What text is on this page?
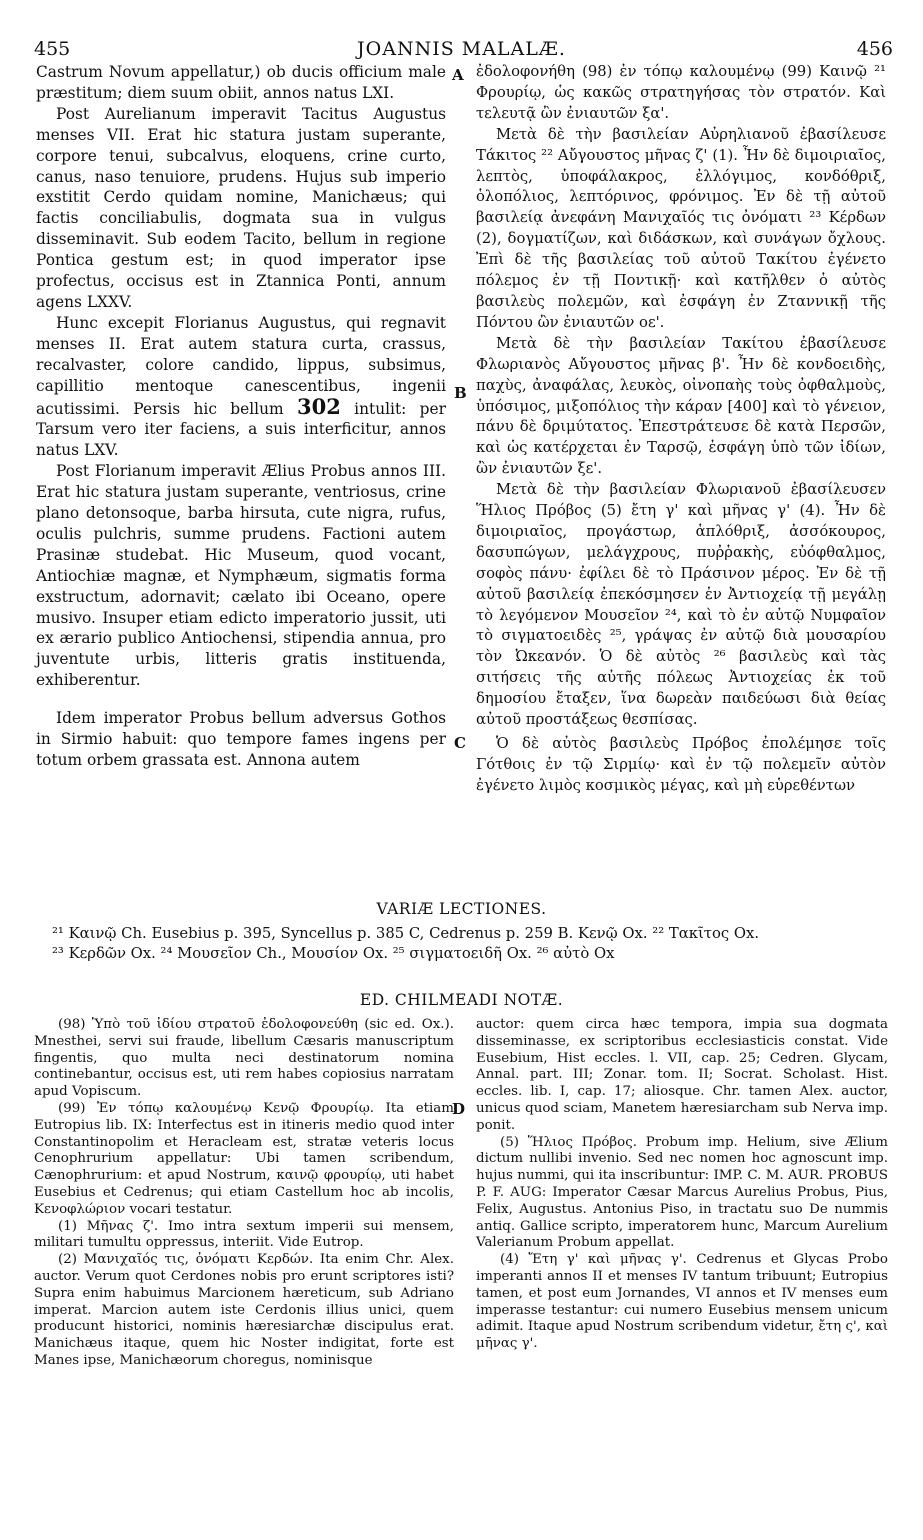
455	JOANNIS MALALÆ.	456

Castrum Novum appellatur,) ob ducis officium male præstitum; diem suum obiit, annos natus LXI.

Post Aurelianum imperavit Tacitus Augustus menses VII. Erat hic statura justam superante, corpore tenui, subcalvus, eloquens, crine curto, canus, naso tenuiore, prudens. Hujus sub imperio exstitit Cerdo quidam nomine, Manichæus; qui factis conciliabulis, dogmata sua in vulgus disseminavit. Sub eodem Tacito, bellum in regione Pontica gestum est; in quod imperator ipse profectus, occisus est in Ztannica Ponti, annum agens LXXV.

Hunc excepit Florianus Augustus, qui regnavit menses II. Erat autem statura curta, crassus, recalvaster, colore candido, lippus, subsimus, capillitio mentoque canescentibus, ingenii acutissimi. Persis hic bellum 302 intulit: per Tarsum vero iter faciens, a suis interficitur, annos natus LXV.

Post Florianum imperavit Ælius Probus annos III. Erat hic statura justam superante, ventriosus, crine plano detonsoque, barba hirsuta, cute nigra, rufus, oculis pulchris, summe prudens. Factioni autem Prasinæ studebat. Hic Museum, quod vocant, Antiochiæ magnæ, et Nymphæum, sigmatis forma exstructum, adornavit; cælato ibi Oceano, opere musivo. Insuper etiam edicto imperatorio jussit, uti ex ærario publico Antiochensi, stipendia annua, pro juventute urbis, litteris gratis instituenda, exhiberentur.

Idem imperator Probus bellum adversus Gothos in Sirmio habuit: quo tempore fames ingens per totum orbem grassata est. Annona autem

A
B
C
D

ἐδολοφονήθη (98) ἐν τόπῳ καλουμένῳ (99) Καινῷ ²¹ Φρουρίῳ, ὡς κακῶς στρατηγήσας τὸν στρατόν. Καὶ τελευτᾷ ὢν ἐνιαυτῶν ξα'.

Μετὰ δὲ τὴν βασιλείαν Αὐρηλιανοῦ ἐβασίλευσε Τάκιτος ²² Αὔγουστος μῆνας ζ' (1). Ἦν δὲ διμοιριαῖος, λεπτὸς, ὑποφάλακρος, ἐλλόγιμος, κονδόθριξ, ὁλοπόλιος, λεπτόρινος, φρόνιμος. Ἐν δὲ τῇ αὐτοῦ βασιλείᾳ ἀνεφάνη Μανιχαῖός τις ὀνόματι ²³ Κέρδων (2), δογματίζων, καὶ διδάσκων, καὶ συνάγων ὄχλους. Ἐπὶ δὲ τῆς βασιλείας τοῦ αὐτοῦ Τακίτου ἐγένετο πόλεμος ἐν τῇ Ποντικῇ· καὶ κατῆλθεν ὁ αὐτὸς βασιλεὺς πολεμῶν, καὶ ἐσφάγη ἐν Ζταννικῇ τῆς Πόντου ὢν ἐνιαυτῶν οε'.

Μετὰ δὲ τὴν βασιλείαν Τακίτου ἐβασίλευσε Φλωριανὸς Αὔγουστος μῆνας β'. Ἦν δὲ κονδοειδὴς, παχὺς, ἀναφάλας, λευκὸς, οἰνοπαὴς τοὺς ὀφθαλμοὺς, ὑπόσιμος, μιξοπόλιος τὴν κάραν [400] καὶ τὸ γένειον, πάνυ δὲ δριμύτατος. Ἐπεστράτευσε δὲ κατὰ Περσῶν, καὶ ὡς κατέρχεται ἐν Ταρσῷ, ἐσφάγη ὑπὸ τῶν ἰδίων, ὢν ἐνιαυτῶν ξε'.

Μετὰ δὲ τὴν βασιλείαν Φλωριανοῦ ἐβασίλευσεν Ἥλιος Πρόβος (5) ἔτη γ' καὶ μῆνας γ' (4). Ἦν δὲ διμοιριαῖος, προγάστωρ, ἁπλόθριξ, ἀσσόκουρος, δασυπώγων, μελάγχρους, πυῤῥακὴς, εὐόφθαλμος, σοφὸς πάνυ· ἐφίλει δὲ τὸ Πράσινον μέρος. Ἐν δὲ τῇ αὐτοῦ βασιλείᾳ ἐπεκόσμησεν ἐν Ἀντιοχείᾳ τῇ μεγάλῃ τὸ λεγόμενον Μουσεῖον ²⁴, καὶ τὸ ἐν αὐτῷ Νυμφαῖον τὸ σιγματοειδὲς ²⁵, γράψας ἐν αὐτῷ διὰ μουσαρίου τὸν Ὠκεανόν. Ὁ δὲ αὐτὸς ²⁶ βασιλεὺς καὶ τὰς σιτήσεις τῆς αὐτῆς πόλεως Ἀντιοχείας ἐκ τοῦ δημοσίου ἔταξεν, ἵνα δωρεὰν παιδεύωσι διὰ θείας αὐτοῦ προστάξεως θεσπίσας.

Ὁ δὲ αὐτὸς βασιλεὺς Πρόβος ἐπολέμησε τοῖς Γότθοις ἐν τῷ Σιρμίῳ· καὶ ἐν τῷ πολεμεῖν αὐτὸν ἐγένετο λιμὸς κοσμικὸς μέγας, καὶ μὴ εὑρεθέντων

VARIÆ LECTIONES.

²¹ Καινῷ Ch. Eusebius p. 395, Syncellus p. 385 C, Cedrenus p. 259 B. Κενῷ Ox. ²² Τακῖτος Ox.

²³ Κερδῶν Ox. ²⁴ Μουσεῖον Ch., Μουσίον Ox. ²⁵ σιγματοειδῆ Ox. ²⁶ αὐτὸ Ox

ED. CHILMEADI NOTÆ.

(98) Ὑπὸ τοῦ ἰδίου στρατοῦ ἐδολοφονεύθη (sic ed. Ox.). Mnesthei, servi sui fraude, libellum Cæsaris manuscriptum fingentis, quo multa neci destinatorum nomina continebantur, occisus est, uti rem habes copiosius narratam apud Vopiscum.

(99) Ἐν τόπῳ καλουμένῳ Κενῷ Φρουρίῳ. Ita etiam Eutropius lib. IX: Interfectus est in itineris medio quod inter Constantinopolim et Heracleam est, stratæ veteris locus Cenophrurium appellatur: Ubi tamen scribendum, Cænophrurium: et apud Nostrum, καινῷ φρουρίῳ, uti habet Eusebius et Cedrenus; qui etiam Castellum hoc ab incolis, Κενοφλώριον vocari testatur.

(1) Μῆνας ζ'. Imo intra sextum imperii sui mensem, militari tumultu oppressus, interiit. Vide Eutrop.

(2) Μανιχαῖός τις, ὀνόματι Κερδών. Ita enim Chr. Alex. auctor. Verum quot Cerdones nobis pro erunt scriptores isti? Supra enim habuimus Marcionem hæreticum, sub Adriano imperat. Marcion autem iste Cerdonis illius unici, quem producunt historici, nominis hæresiarchæ discipulus erat. Manichæus itaque, quem hic Noster indigitat, forte est Manes ipse, Manichæorum choregus, nominisque

auctor: quem circa hæc tempora, impia sua dogmata disseminasse, ex scriptoribus ecclesiasticis constat. Vide Eusebium, Hist eccles. l. VII, cap. 25; Cedren. Glycam, Annal. part. III; Zonar. tom. II; Socrat. Scholast. Hist. eccles. lib. I, cap. 17; aliosque. Chr. tamen Alex. auctor, unicus quod sciam, Manetem hæresiarcham sub Nerva imp. ponit.

(5) Ἥλιος Πρόβος. Probum imp. Helium, sive Ælium dictum nullibi invenio. Sed nec nomen hoc agnoscunt imp. hujus nummi, qui ita inscribuntur: IMP. C. M. AUR. PROBUS P. F. AUG: Imperator Cæsar Marcus Aurelius Probus, Pius, Felix, Augustus. Antonius Piso, in tractatu suo De nummis antiq. Gallice scripto, imperatorem hunc, Marcum Aurelium Valerianum Probum appellat.

(4) Ἔτη γ' καὶ μῆνας γ'. Cedrenus et Glycas Probo imperanti annos II et menses IV tantum tribuunt; Eutropius tamen, et post eum Jornandes, VI annos et IV menses eum imperasse testantur: cui numero Eusebius mensem unicum adimit. Itaque apud Nostrum scribendum videtur, ἔτη ς', καὶ μῆνας γ'.
